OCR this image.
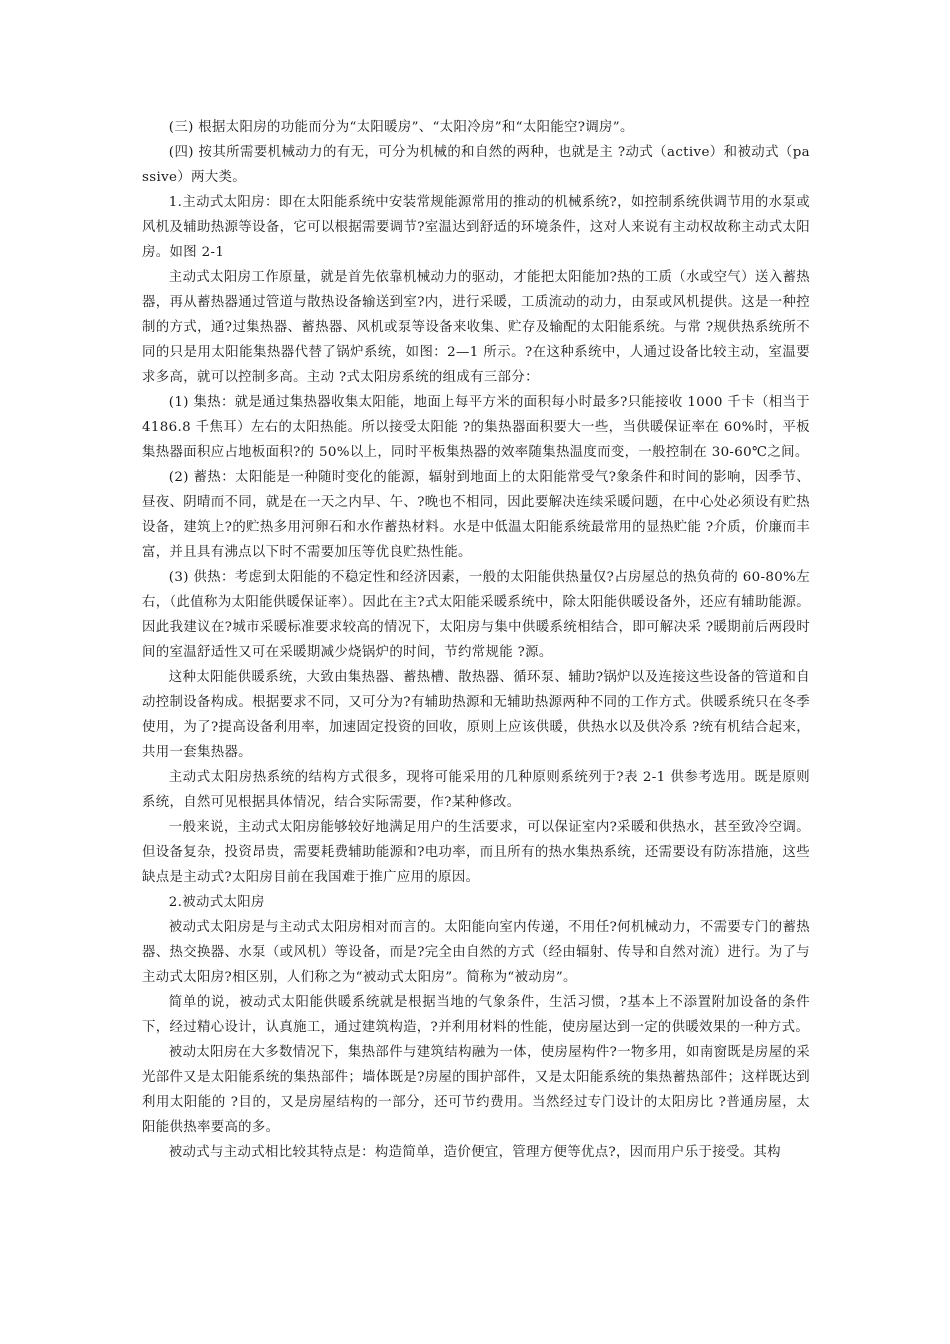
(三) 根据太阳房的功能而分为“太阳暖房”、“太阳冷房”和“太阳能空?调房”。

(四) 按其所需要机械动力的有无，可分为机械的和自然的两种，也就是主 ?动式（active）和被动式（passive）两大类。

1.主动式太阳房：即在太阳能系统中安装常规能源常用的推动的机械系统?，如控制系统供调节用的水泵或风机及辅助热源等设备，它可以根据需要调节?室温达到舒适的环境条件，这对人来说有主动权故称主动式太阳房。如图 2-1

主动式太阳房工作原量，就是首先依靠机械动力的驱动，才能把太阳能加?热的工质（水或空气）送入蓄热器，再从蓄热器通过管道与散热设备输送到室?内，进行采暖，工质流动的动力，由泵或风机提供。这是一种控制的方式，通?过集热器、蓄热器、风机或泵等设备来收集、贮存及输配的太阳能系统。与常 ?规供热系统所不同的只是用太阳能集热器代替了锅炉系统，如图：2—1 所示。?在这种系统中，人通过设备比较主动，室温要求多高，就可以控制多高。主动 ?式太阳房系统的组成有三部分：

(1) 集热：就是通过集热器收集太阳能，地面上每平方米的面积每小时最多?只能接收 1000 千卡（相当于 4186.8 千焦耳）左右的太阳热能。所以接受太阳能 ?的集热器面积要大一些，当供暖保证率在 60%时，平板集热器面积应占地板面积?的 50%以上，同时平板集热器的效率随集热温度而变，一般控制在 30-60℃之间。

(2) 蓄热：太阳能是一种随时变化的能源，辐射到地面上的太阳能常受气?象条件和时间的影响，因季节、昼夜、阴晴而不同，就是在一天之内早、午、?晚也不相同，因此要解决连续采暖问题，在中心处必须设有贮热设备，建筑上?的贮热多用河卵石和水作蓄热材料。水是中低温太阳能系统最常用的显热贮能 ?介质，价廉而丰富，并且具有沸点以下时不需要加压等优良贮热性能。

(3) 供热：考虑到太阳能的不稳定性和经济因素，一般的太阳能供热量仅?占房屋总的热负荷的 60-80%左右，（此值称为太阳能供暖保证率）。因此在主?式太阳能采暖系统中，除太阳能供暖设备外，还应有辅助能源。因此我建议在?城市采暖标准要求较高的情况下，太阳房与集中供暖系统相结合，即可解决采 ?暖期前后两段时间的室温舒适性又可在采暖期减少烧锅炉的时间，节约常规能 ?源。

这种太阳能供暖系统，大致由集热器、蓄热槽、散热器、循环泵、辅助?锅炉以及连接这些设备的管道和自动控制设备构成。根据要求不同，又可分为?有辅助热源和无辅助热源两种不同的工作方式。供暖系统只在冬季使用，为了?提高设备利用率，加速固定投资的回收，原则上应该供暖，供热水以及供冷系 ?统有机结合起来，共用一套集热器。

主动式太阳房热系统的结构方式很多，现将可能采用的几种原则系统列于?表 2-1 供参考选用。既是原则系统，自然可见根据具体情况，结合实际需要，作?某种修改。

一般来说，主动式太阳房能够较好地满足用户的生活要求，可以保证室内?采暖和供热水，甚至致冷空调。但设备复杂，投资昂贵，需要耗费辅助能源和?电功率，而且所有的热水集热系统，还需要设有防冻措施，这些缺点是主动式?太阳房目前在我国难于推广应用的原因。

2.被动式太阳房

被动式太阳房是与主动式太阳房相对而言的。太阳能向室内传递，不用任?何机械动力，不需要专门的蓄热器、热交换器、水泵（或风机）等设备，而是?完全由自然的方式（经由辐射、传导和自然对流）进行。为了与主动式太阳房?相区别，人们称之为“被动式太阳房”。简称为“被动房”。

简单的说，被动式太阳能供暖系统就是根据当地的气象条件，生活习惯，?基本上不添置附加设备的条件下，经过精心设计，认真施工，通过建筑构造，?并利用材料的性能，使房屋达到一定的供暖效果的一种方式。

被动太阳房在大多数情况下，集热部件与建筑结构融为一体，使房屋构件?一物多用，如南窗既是房屋的采光部件又是太阳能系统的集热部件；墙体既是?房屋的围护部件，又是太阳能系统的集热蓄热部件；这样既达到利用太阳能的 ?目的，又是房屋结构的一部分，还可节约费用。当然经过专门设计的太阳房比 ?普通房屋，太阳能供热率要高的多。

被动式与主动式相比较其特点是：构造简单，造价便宜，管理方便等优点?，因而用户乐于接受。其构
